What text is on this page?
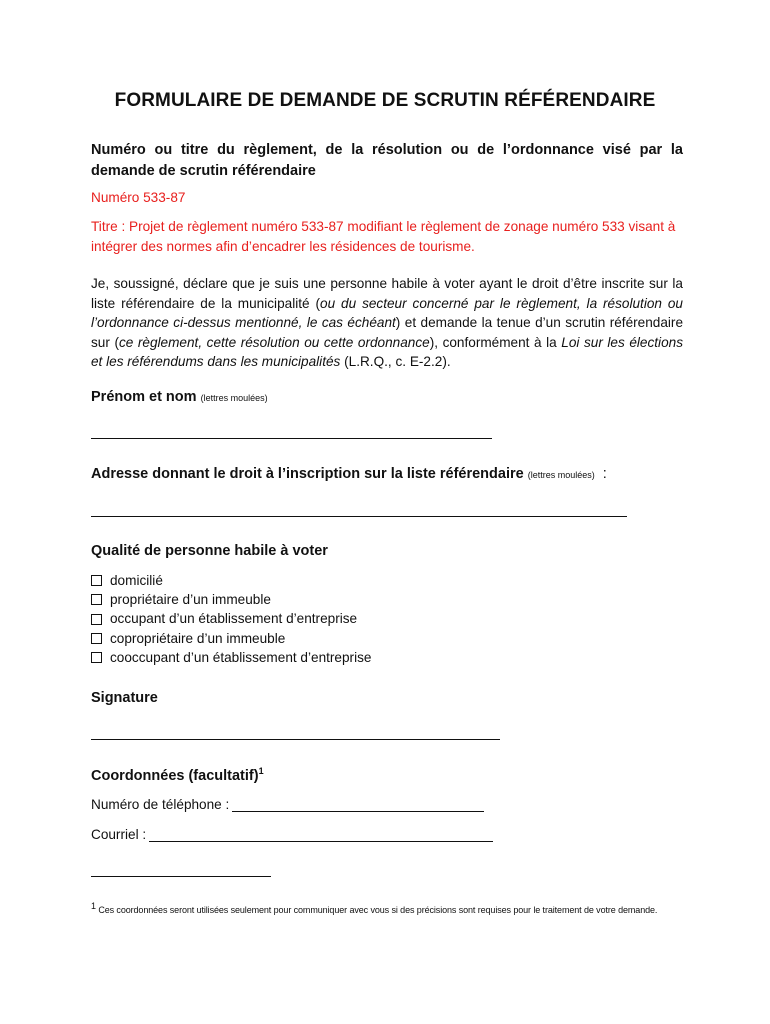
FORMULAIRE DE DEMANDE DE SCRUTIN RÉFÉRENDAIRE
Numéro ou titre du règlement, de la résolution ou de l’ordonnance visé par la
demande de scrutin référendaire
Numéro 533-87
Titre : Projet de règlement numéro 533-87 modifiant le règlement de zonage numéro 533 visant à intégrer des normes afin d’encadrer les résidences de tourisme.
Je, soussigné, déclare que je suis une personne habile à voter ayant le droit d’être inscrite sur la liste référendaire de la municipalité (ou du secteur concerné par le règlement, la résolution ou l’ordonnance ci-dessus mentionné, le cas échéant) et demande la tenue d’un scrutin référendaire sur (ce règlement, cette résolution ou cette ordonnance), conformément à la Loi sur les élections et les référendums dans les municipalités (L.R.Q., c. E-2.2).
Prénom et nom (lettres moulées)
Adresse donnant le droit à l’inscription sur la liste référendaire (lettres moulées) :
Qualité de personne habile à voter
domicilié
propriétaire d’un immeuble
occupant d’un établissement d’entreprise
copropriétaire d’un immeuble
cooccupant d’un établissement d’entreprise
Signature
Coordonnées (facultatif)$^1$
Numéro de téléphone :
Courriel :
$^1$ Ces coordonnées seront utilisées seulement pour communiquer avec vous si des précisions sont requises pour le traitement de votre demande.
